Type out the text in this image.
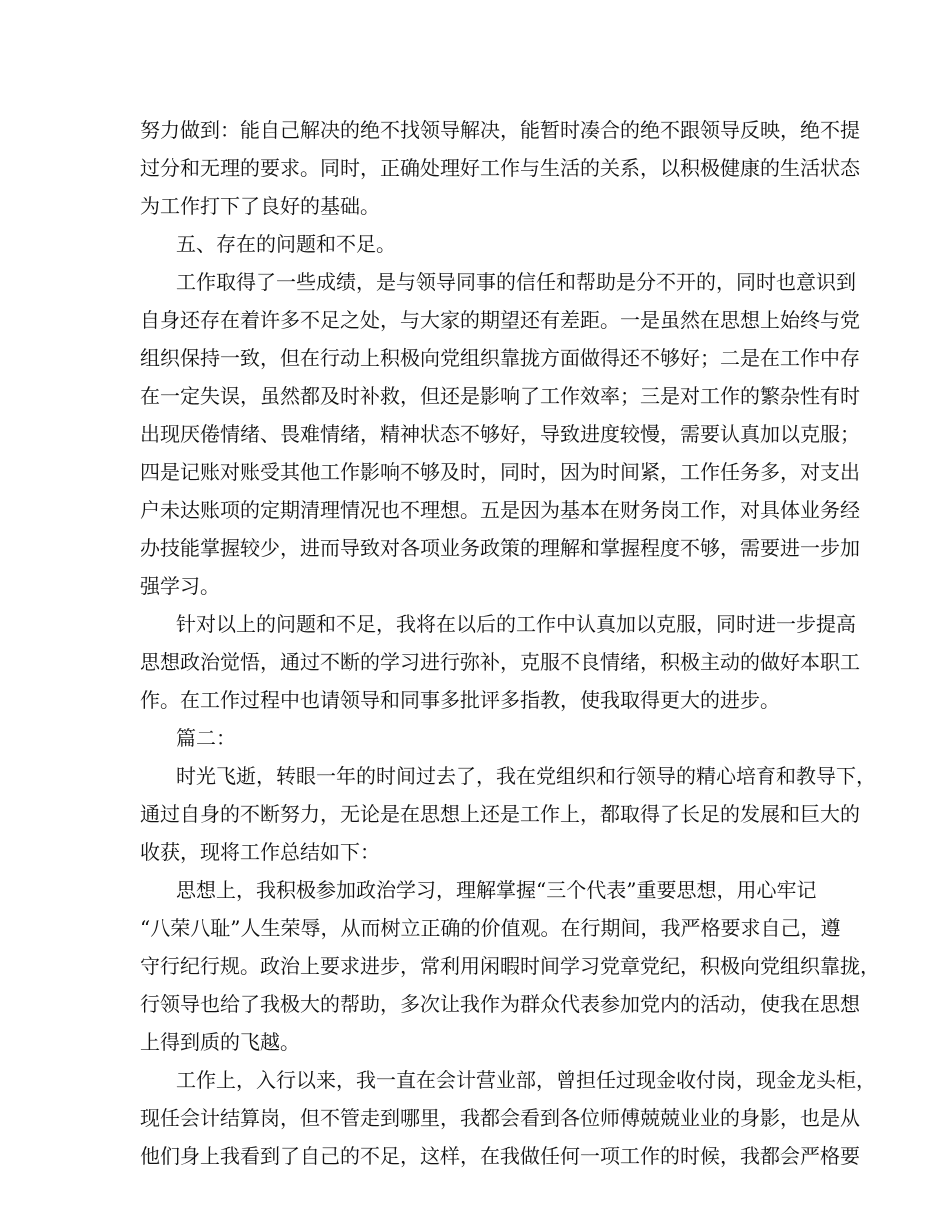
努力做到：能自己解决的绝不找领导解决，能暂时凑合的绝不跟领导反映，绝不提
过分和无理的要求。同时，正确处理好工作与生活的关系，以积极健康的生活状态
为工作打下了良好的基础。
五、存在的问题和不足。
工作取得了一些成绩，是与领导同事的信任和帮助是分不开的，同时也意识到
自身还存在着许多不足之处，与大家的期望还有差距。一是虽然在思想上始终与党
组织保持一致，但在行动上积极向党组织靠拢方面做得还不够好；二是在工作中存
在一定失误，虽然都及时补救，但还是影响了工作效率；三是对工作的繁杂性有时
出现厌倦情绪、畏难情绪，精神状态不够好，导致进度较慢，需要认真加以克服；
四是记账对账受其他工作影响不够及时，同时，因为时间紧，工作任务多，对支出
户未达账项的定期清理情况也不理想。五是因为基本在财务岗工作，对具体业务经
办技能掌握较少，进而导致对各项业务政策的理解和掌握程度不够，需要进一步加
强学习。
针对以上的问题和不足，我将在以后的工作中认真加以克服，同时进一步提高
思想政治觉悟，通过不断的学习进行弥补，克服不良情绪，积极主动的做好本职工
作。在工作过程中也请领导和同事多批评多指教，使我取得更大的进步。
篇二：
时光飞逝，转眼一年的时间过去了，我在党组织和行领导的精心培育和教导下，
通过自身的不断努力，无论是在思想上还是工作上，都取得了长足的发展和巨大的
收获，现将工作总结如下：
思想上，我积极参加政治学习，理解掌握“三个代表”重要思想，用心牢记
“八荣八耻”人生荣辱，从而树立正确的价值观。在行期间，我严格要求自己，遵
守行纪行规。政治上要求进步，常利用闲暇时间学习党章党纪，积极向党组织靠拢，
行领导也给了我极大的帮助，多次让我作为群众代表参加党内的活动，使我在思想
上得到质的飞越。
工作上，入行以来，我一直在会计营业部，曾担任过现金收付岗，现金龙头柜，
现任会计结算岗，但不管走到哪里，我都会看到各位师傅兢兢业业的身影，也是从
他们身上我看到了自己的不足，这样，在我做任何一项工作的时候，我都会严格要
